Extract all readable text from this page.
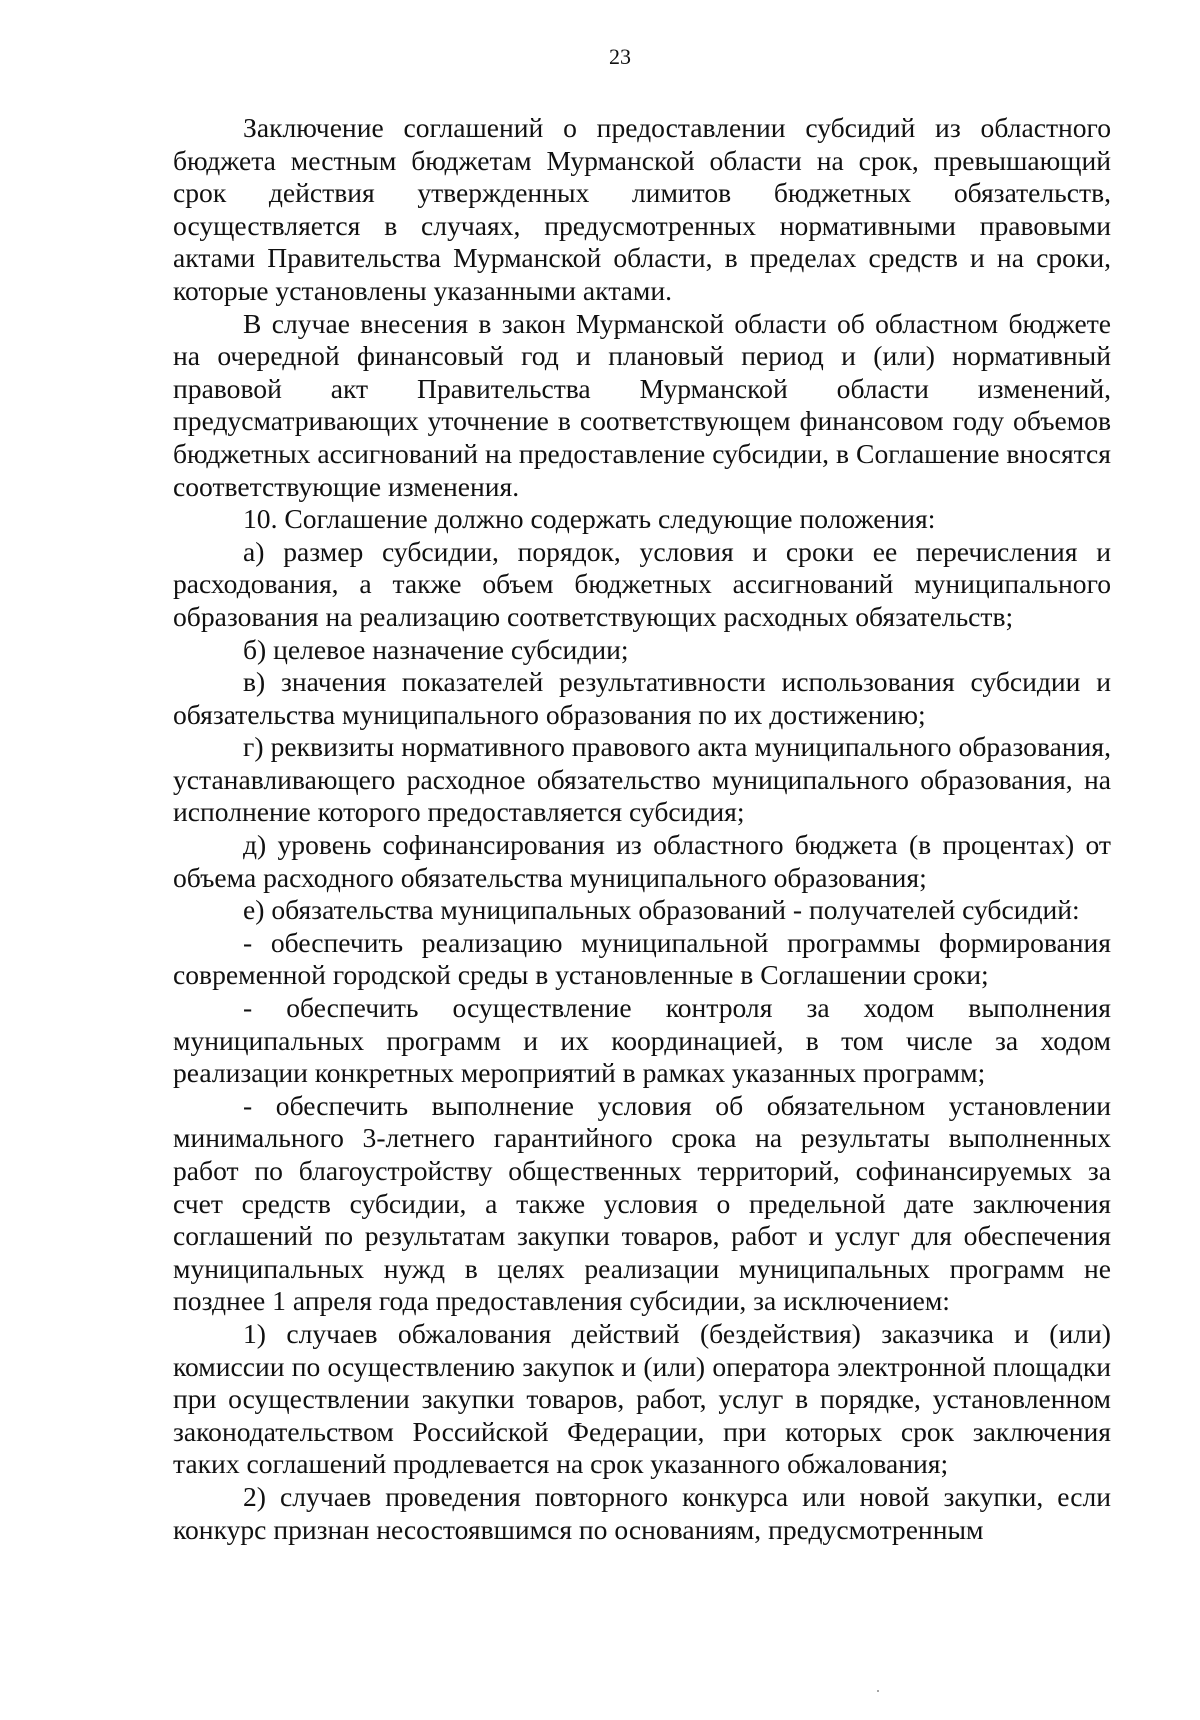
23

Заключение соглашений о предоставлении субсидий из областного бюджета местным бюджетам Мурманской области на срок, превышающий срок действия утвержденных лимитов бюджетных обязательств, осуществляется в случаях, предусмотренных нормативными правовыми актами Правительства Мурманской области, в пределах средств и на сроки, которые установлены указанными актами.

В случае внесения в закон Мурманской области об областном бюджете на очередной финансовый год и плановый период и (или) нормативный правовой акт Правительства Мурманской области изменений, предусматривающих уточнение в соответствующем финансовом году объемов бюджетных ассигнований на предоставление субсидии, в Соглашение вносятся соответствующие изменения.

10. Соглашение должно содержать следующие положения:

а) размер субсидии, порядок, условия и сроки ее перечисления и расходования, а также объем бюджетных ассигнований муниципального образования на реализацию соответствующих расходных обязательств;

б) целевое назначение субсидии;

в) значения показателей результативности использования субсидии и обязательства муниципального образования по их достижению;

г) реквизиты нормативного правового акта муниципального образования, устанавливающего расходное обязательство муниципального образования, на исполнение которого предоставляется субсидия;

д) уровень софинансирования из областного бюджета (в процентах) от объема расходного обязательства муниципального образования;

е) обязательства муниципальных образований - получателей субсидий:

- обеспечить реализацию муниципальной программы формирования современной городской среды в установленные в Соглашении сроки;

- обеспечить осуществление контроля за ходом выполнения муниципальных программ и их координацией, в том числе за ходом реализации конкретных мероприятий в рамках указанных программ;

- обеспечить выполнение условия об обязательном установлении минимального 3-летнего гарантийного срока на результаты выполненных работ по благоустройству общественных территорий, софинансируемых за счет средств субсидии, а также условия о предельной дате заключения соглашений по результатам закупки товаров, работ и услуг для обеспечения муниципальных нужд в целях реализации муниципальных программ не позднее 1 апреля года предоставления субсидии, за исключением:

1) случаев обжалования действий (бездействия) заказчика и (или) комиссии по осуществлению закупок и (или) оператора электронной площадки при осуществлении закупки товаров, работ, услуг в порядке, установленном законодательством Российской Федерации, при которых срок заключения таких соглашений продлевается на срок указанного обжалования;

2) случаев проведения повторного конкурса или новой закупки, если конкурс признан несостоявшимся по основаниям, предусмотренным
